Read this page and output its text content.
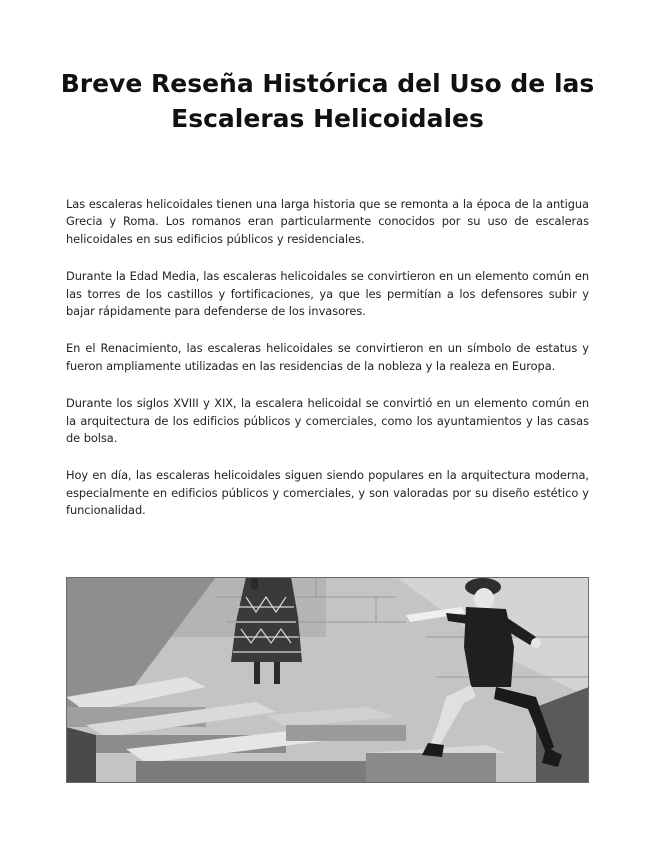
Breve Reseña Histórica del Uso de las Escaleras Helicoidales

Las escaleras helicoidales tienen una larga historia que se remonta a la época de la antigua Grecia y Roma. Los romanos eran particularmente conocidos por su uso de escaleras helicoidales en sus edificios públicos y residenciales.

Durante la Edad Media, las escaleras helicoidales se convirtieron en un elemento común en las torres de los castillos y fortificaciones, ya que les permitían a los defensores subir y bajar rápidamente para defenderse de los invasores.

En el Renacimiento, las escaleras helicoidales se convirtieron en un símbolo de estatus y fueron ampliamente utilizadas en las residencias de la nobleza y la realeza en Europa.

Durante los siglos XVIII y XIX, la escalera helicoidal se convirtió en un elemento común en la arquitectura de los edificios públicos y comerciales, como los ayuntamientos y las casas de bolsa.

Hoy en día, las escaleras helicoidales siguen siendo populares en la arquitectura moderna, especialmente en edificios públicos y comerciales, y son valoradas por su diseño estético y funcionalidad.
